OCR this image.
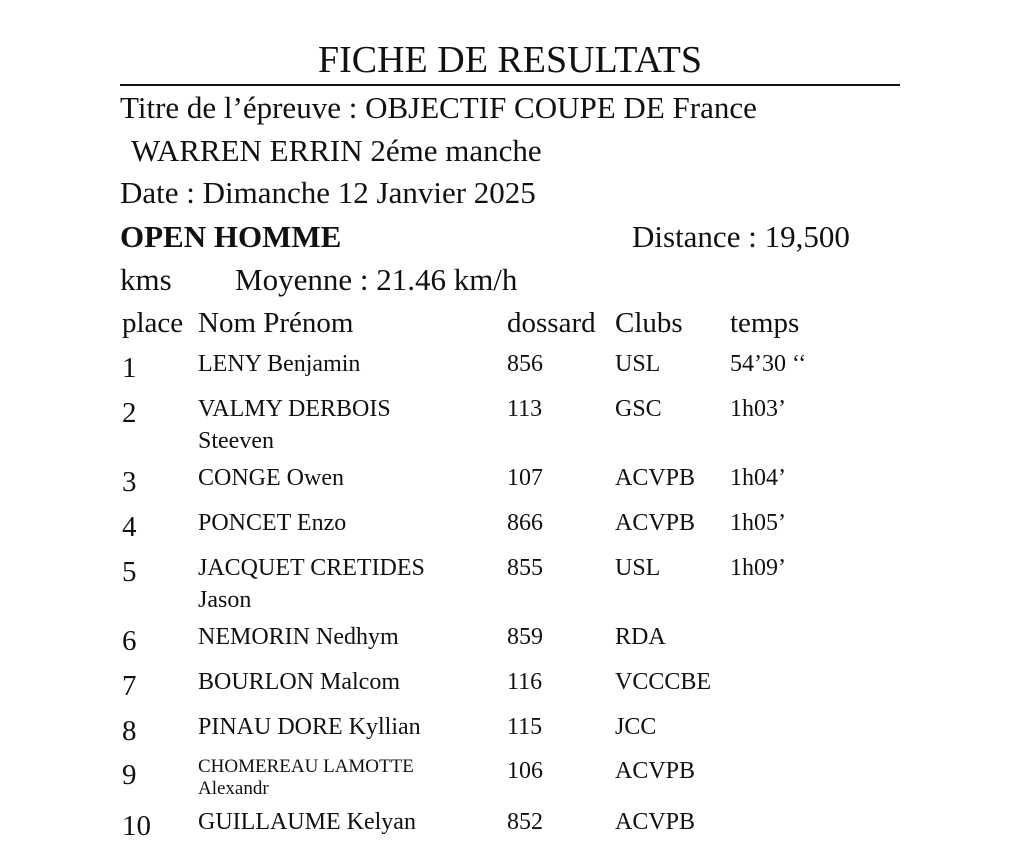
FICHE DE RESULTATS
Titre de l’épreuve : OBJECTIF COUPE DE France
WARREN ERRIN 2éme manche
Date : Dimanche 12 Janvier 2025
OPEN HOMME	Distance : 19,500
kms Moyenne : 21.46 km/h
place Nom Prénom	dossard Clubs temps
1	LENY Benjamin	856	USL	54’30 ‘‘
2	VALMY DERBOIS
Steeven
113	GSC	1h03’
3	CONGE Owen	107	ACVPB 1h04’
4	PONCET Enzo	866	ACVPB 1h05’
5	JACQUET CRETIDES
Jason
855	USL	1h09’
6	NEMORIN Nedhym	859	RDA
7	BOURLON Malcom	116	VCCCBE
8	PINAU DORE Kyllian	115	JCC
9	CHOMEREAU LAMOTTE
Alexandr
106	ACVPB
10 GUILLAUME Kelyan	852	ACVPB
